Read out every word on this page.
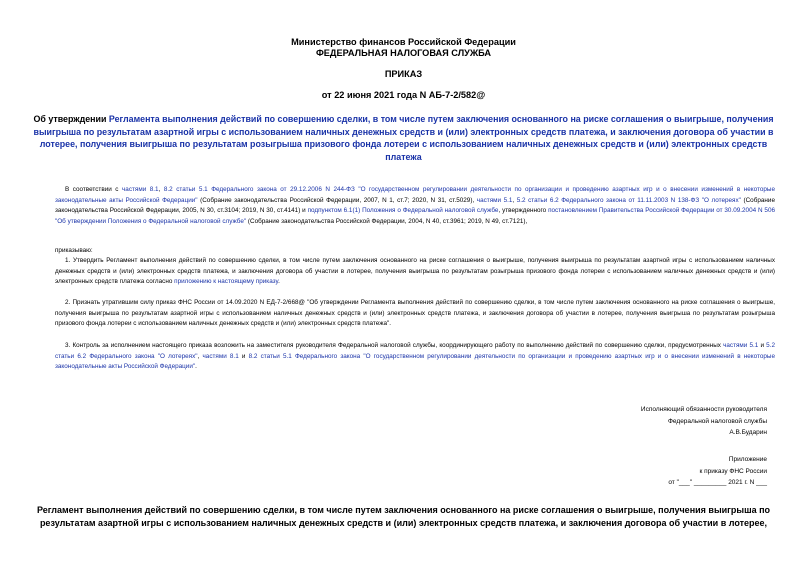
Министерство финансов Российской Федерации
ФЕДЕРАЛЬНАЯ НАЛОГОВАЯ СЛУЖБА
ПРИКАЗ
от 22 июня 2021 года N АБ-7-2/582@
Об утверждении Регламента выполнения действий по совершению сделки, в том числе путем заключения основанного на риске соглашения о выигрыше, получения выигрыша по результатам азартной игры с использованием наличных денежных средств и (или) электронных средств платежа, и заключения договора об участии в лотерее, получения выигрыша по результатам розыгрыша призового фонда лотереи с использованием наличных денежных средств и (или) электронных средств платежа
В соответствии с частями 8.1, 8.2 статьи 5.1 Федерального закона от 29.12.2006 N 244-ФЗ "О государственном регулировании деятельности по организации и проведению азартных игр и о внесении изменений в некоторые законодательные акты Российской Федерации" (Собрание законодательства Российской Федерации, 2007, N 1, ст.7; 2020, N 31, ст.5029), частями 5.1, 5.2 статьи 6.2 Федерального закона от 11.11.2003 N 138-ФЗ "О лотереях" (Собрание законодательства Российской Федерации, 2005, N 30, ст.3104; 2019, N 30, ст.4141) и подпунктом 6.1(1) Положения о Федеральной налоговой службе, утвержденного постановлением Правительства Российской Федерации от 30.09.2004 N 506 "Об утверждении Положения о Федеральной налоговой службе" (Собрание законодательства Российской Федерации, 2004, N 40, ст.3961; 2019, N 49, ст.7121),
приказываю:
1. Утвердить Регламент выполнения действий по совершению сделки, в том числе путем заключения основанного на риске соглашения о выигрыше, получения выигрыша по результатам азартной игры с использованием наличных денежных средств и (или) электронных средств платежа, и заключения договора об участии в лотерее, получения выигрыша по результатам розыгрыша призового фонда лотереи с использованием наличных денежных средств и (или) электронных средств платежа согласно приложению к настоящему приказу.
2. Признать утратившим силу приказ ФНС России от 14.09.2020 N ЕД-7-2/668@ "Об утверждении Регламента выполнения действий по совершению сделки, в том числе путем заключения основанного на риске соглашения о выигрыше, получения выигрыша по результатам азартной игры с использованием наличных денежных средств и (или) электронных средств платежа, и заключения договора об участии в лотерее, получения выигрыша по результатам розыгрыша призового фонда лотереи с использованием наличных денежных средств и (или) электронных средств платежа".
3. Контроль за исполнением настоящего приказа возложить на заместителя руководителя Федеральной налоговой службы, координирующего работу по выполнению действий по совершению сделки, предусмотренных частями 5.1 и 5.2 статьи 6.2 Федерального закона "О лотереях", частями 8.1 и 8.2 статьи 5.1 Федерального закона "О государственном регулировании деятельности по организации и проведению азартных игр и о внесении изменений в некоторые законодательные акты Российской Федерации".
Исполняющий обязанности руководителя
Федеральной налоговой службы
А.В.Бударин
Приложение
к приказу ФНС России
от "___" _________ 2021 г. N ___
Регламент выполнения действий по совершению сделки, в том числе путем заключения основанного на риске соглашения о выигрыше, получения выигрыша по результатам азартной игры с использованием наличных денежных средств и (или) электронных средств платежа, и заключения договора об участии в лотерее,
